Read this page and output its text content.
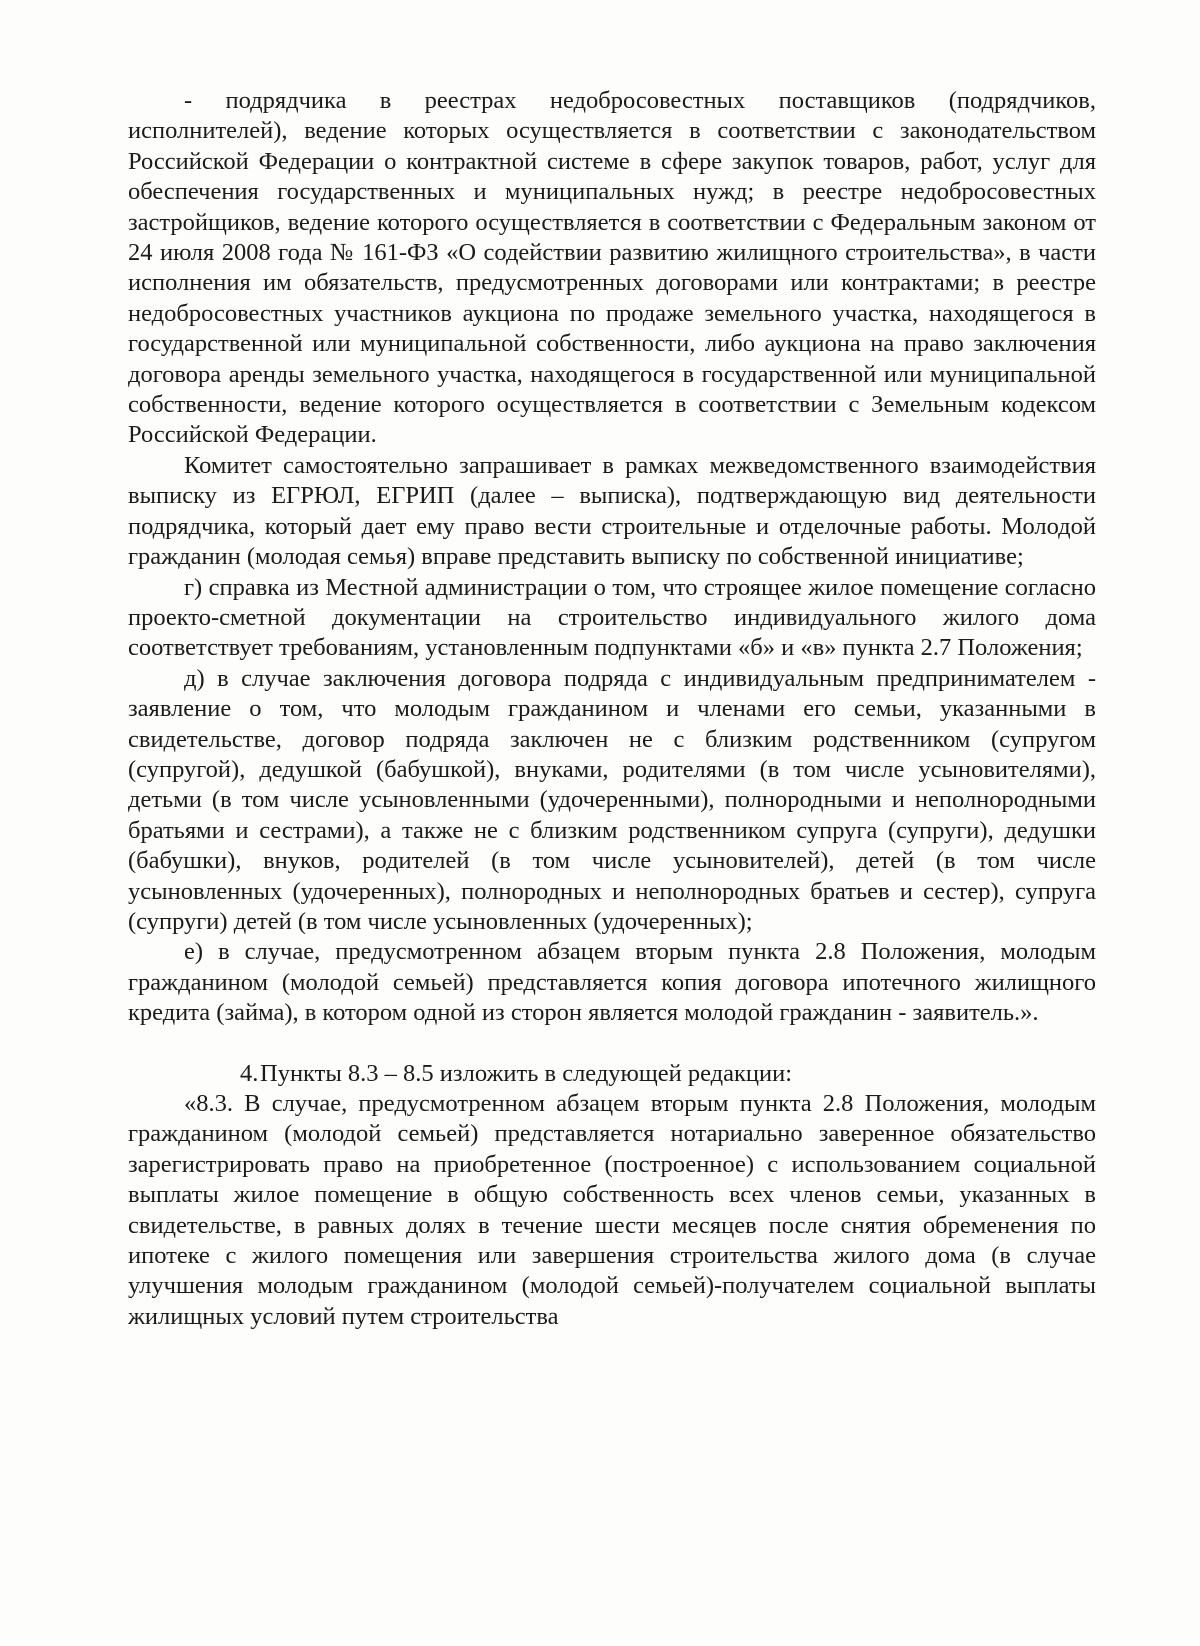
- подрядчика в реестрах недобросовестных поставщиков (подрядчиков, исполнителей), ведение которых осуществляется в соответствии с законодательством Российской Федерации о контрактной системе в сфере закупок товаров, работ, услуг для обеспечения государственных и муниципальных нужд; в реестре недобросовестных застройщиков, ведение которого осуществляется в соответствии с Федеральным законом от 24 июля 2008 года № 161-ФЗ «О содействии развитию жилищного строительства», в части исполнения им обязательств, предусмотренных договорами или контрактами; в реестре недобросовестных участников аукциона по продаже земельного участка, находящегося в государственной или муниципальной собственности, либо аукциона на право заключения договора аренды земельного участка, находящегося в государственной или муниципальной собственности, ведение которого осуществляется в соответствии с Земельным кодексом Российской Федерации.

Комитет самостоятельно запрашивает в рамках межведомственного взаимодействия выписку из ЕГРЮЛ, ЕГРИП (далее – выписка), подтверждающую вид деятельности подрядчика, который дает ему право вести строительные и отделочные работы. Молодой гражданин (молодая семья) вправе представить выписку по собственной инициативе;

г) справка из Местной администрации о том, что строящее жилое помещение согласно проекто-сметной документации на строительство индивидуального жилого дома соответствует требованиям, установленным подпунктами «б» и «в» пункта 2.7 Положения;

д) в случае заключения договора подряда с индивидуальным предпринимателем - заявление о том, что молодым гражданином и членами его семьи, указанными в свидетельстве, договор подряда заключен не с близким родственником (супругом (супругой), дедушкой (бабушкой), внуками, родителями (в том числе усыновителями), детьми (в том числе усыновленными (удочеренными), полнородными и неполнородными братьями и сестрами), а также не с близким родственником супруга (супруги), дедушки (бабушки), внуков, родителей (в том числе усыновителей), детей (в том числе усыновленных (удочеренных), полнородных и неполнородных братьев и сестер), супруга (супруги) детей (в том числе усыновленных (удочеренных);

е) в случае, предусмотренном абзацем вторым пункта 2.8 Положения, молодым гражданином (молодой семьей) представляется копия договора ипотечного жилищного кредита (займа), в котором одной из сторон является молодой гражданин - заявитель.».

4.Пункты 8.3 – 8.5 изложить в следующей редакции:

«8.3. В случае, предусмотренном абзацем вторым пункта 2.8 Положения, молодым гражданином (молодой семьей) представляется нотариально заверенное обязательство зарегистрировать право на приобретенное (построенное) с использованием социальной выплаты жилое помещение в общую собственность всех членов семьи, указанных в свидетельстве, в равных долях в течение шести месяцев после снятия обременения по ипотеке с жилого помещения или завершения строительства жилого дома (в случае улучшения молодым гражданином (молодой семьей)-получателем социальной выплаты жилищных условий путем строительства
